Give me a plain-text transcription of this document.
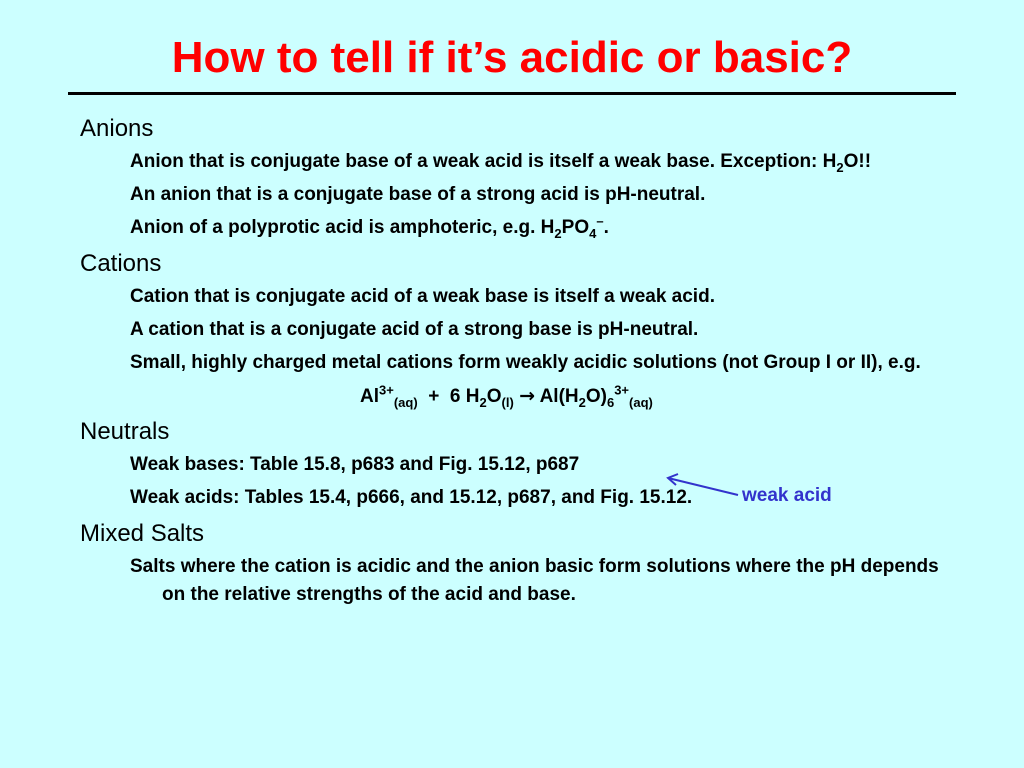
How to tell if it’s acidic or basic?
Anions
Anion that is conjugate base of a weak acid is itself a weak base. Exception: $H_2O$!!
An anion that is a conjugate base of a strong acid is pH-neutral.
Anion of a polyprotic acid is amphoteric, e.g. $H_2PO_4^-$.
Cations
Cation that is conjugate acid of a weak base is itself a weak acid.
A cation that is a conjugate acid of a strong base is pH-neutral.
Small, highly charged metal cations form weakly acidic solutions (not Group I or II), e.g.
$Al^{3+}_{(aq)} + 6$ $H_2O_{(l)} \to Al(H_2O)_6^{3+}_{(aq)}$
Neutrals
Weak bases: Table 15.8, p683 and Fig. 15.12, p687
Weak acids: Tables 15.4, p666, and 15.12, p687, and Fig. 15.12.
Mixed Salts
Salts where the cation is acidic and the anion basic form solutions where the pH depends on the relative strengths of the acid and base.
weak acid
